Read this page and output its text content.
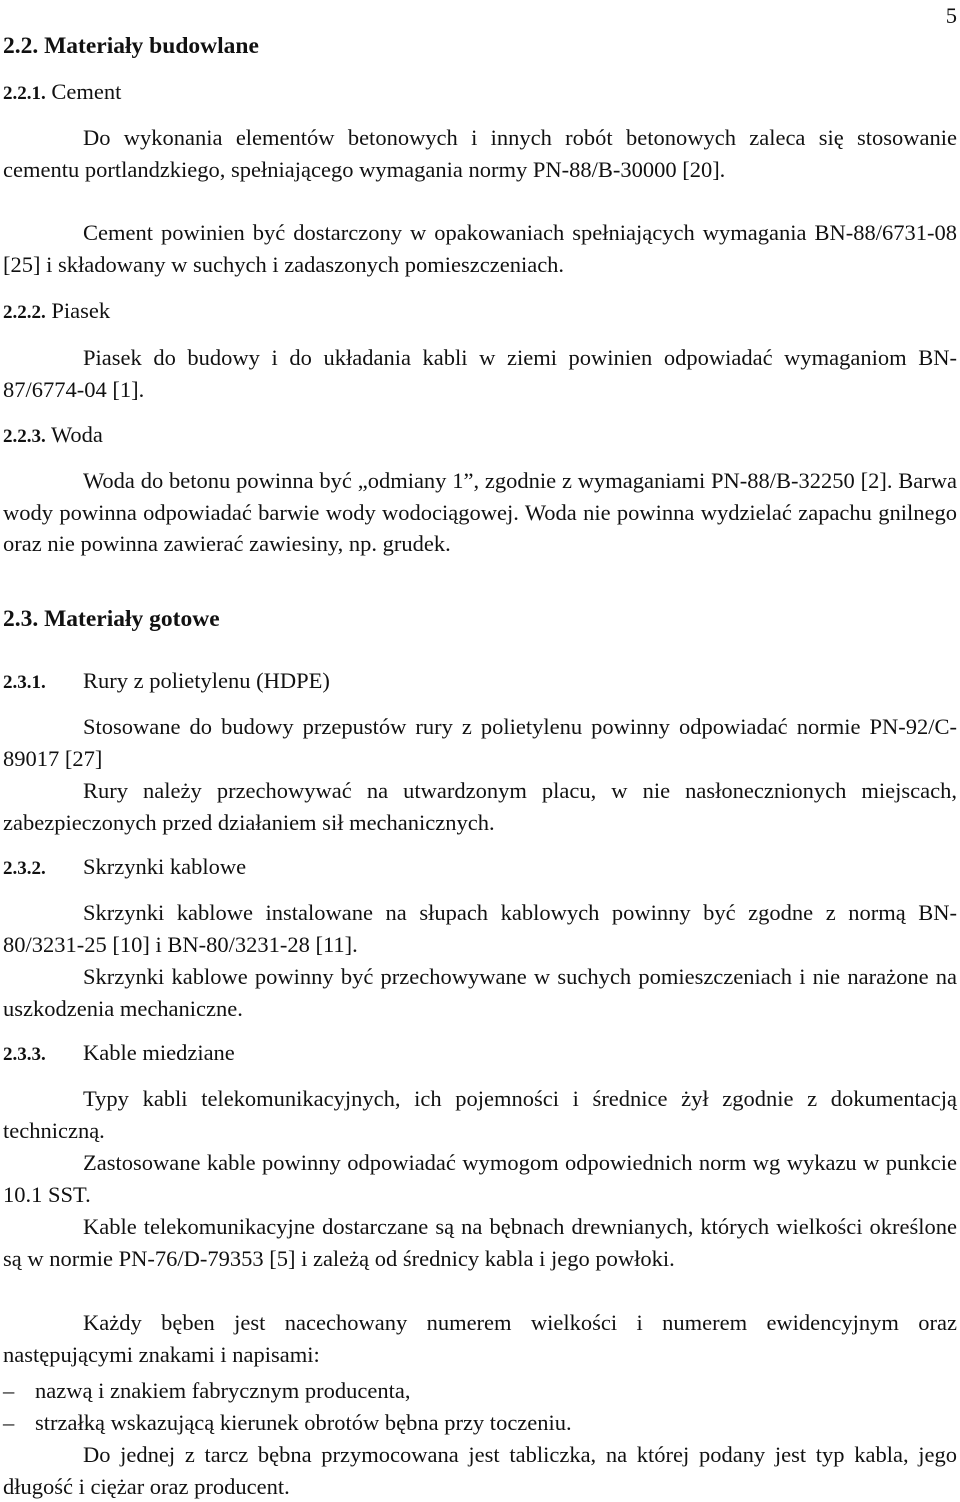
5
2.2. Materiały budowlane
2.2.1. Cement
Do wykonania elementów betonowych i innych robót betonowych zaleca się stosowanie cementu portlandzkiego, spełniającego wymagania normy PN-88/B-30000 [20].
Cement powinien być dostarczony w opakowaniach spełniających wymagania BN-88/6731-08 [25] i składowany w suchych i zadaszonych pomieszczeniach.
2.2.2. Piasek
Piasek do budowy i do układania kabli w ziemi powinien odpowiadać wymaganiom BN-87/6774-04 [1].
2.2.3. Woda
Woda do betonu powinna być „odmiany 1”, zgodnie z wymaganiami PN-88/B-32250 [2]. Barwa wody powinna odpowiadać barwie wody wodociągowej. Woda nie powinna wydzielać zapachu gnilnego oraz nie powinna zawierać zawiesiny, np. grudek.
2.3. Materiały gotowe
2.3.1. Rury z polietylenu (HDPE)
Stosowane do budowy przepustów rury z polietylenu powinny odpowiadać normie PN-92/C-89017 [27]
Rury należy przechowywać na utwardzonym placu, w nie nasłonecznionych miejscach, zabezpieczonych przed działaniem sił mechanicznych.
2.3.2. Skrzynki kablowe
Skrzynki kablowe instalowane na słupach kablowych powinny być zgodne z normą BN-80/3231-25 [10] i BN-80/3231-28 [11].
Skrzynki kablowe powinny być przechowywane w suchych pomieszczeniach i nie narażone na uszkodzenia mechaniczne.
2.3.3. Kable miedziane
Typy kabli telekomunikacyjnych, ich pojemności i średnice żył zgodnie z dokumentacją techniczną.
Zastosowane kable powinny odpowiadać wymogom odpowiednich norm wg wykazu w punkcie 10.1 SST.
Kable telekomunikacyjne dostarczane są na bębnach drewnianych, których wielkości określone są w normie PN-76/D-79353 [5] i zależą od średnicy kabla i jego powłoki.
Każdy bęben jest nacechowany numerem wielkości i numerem ewidencyjnym oraz następującymi znakami i napisami:
– nazwą i znakiem fabrycznym producenta,
– strzałką wskazującą kierunek obrotów bębna przy toczeniu.
Do jednej z tarcz bębna przymocowana jest tabliczka, na której podany jest typ kabla, jego długość i ciężar oraz producent.
